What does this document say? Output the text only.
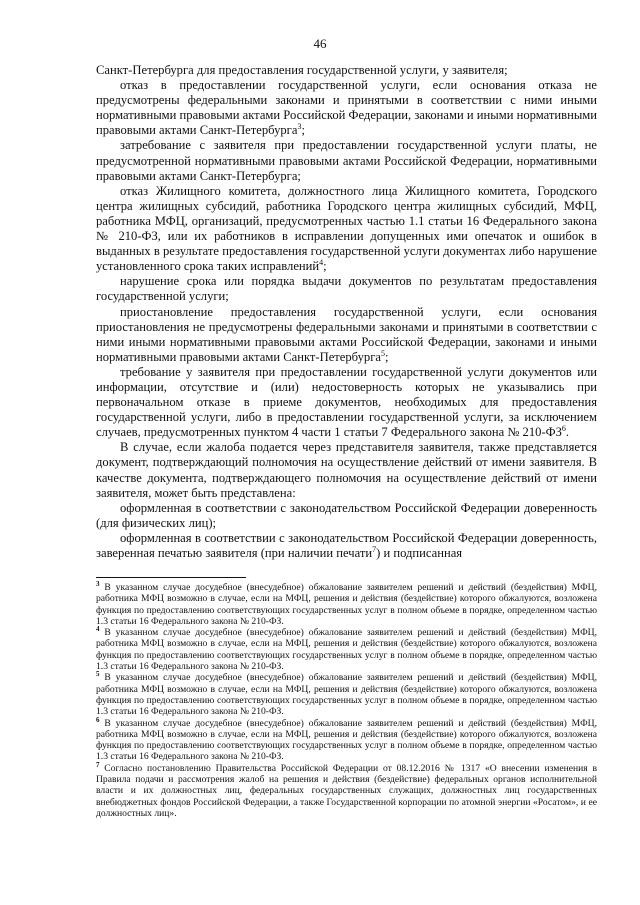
46

Санкт-Петербурга для предоставления государственной услуги, у заявителя;

отказ в предоставлении государственной услуги, если основания отказа не предусмотрены федеральными законами и принятыми в соответствии с ними иными нормативными правовыми актами Российской Федерации, законами и иными нормативными правовыми актами Санкт-Петербурга$^3$;

затребование с заявителя при предоставлении государственной услуги платы, не предусмотренной нормативными правовыми актами Российской Федерации, нормативными правовыми актами Санкт-Петербурга;

отказ Жилищного комитета, должностного лица Жилищного комитета, Городского центра жилищных субсидий, работника Городского центра жилищных субсидий, МФЦ, работника МФЦ, организаций, предусмотренных частью 1.1 статьи 16 Федерального закона № 210-ФЗ, или их работников в исправлении допущенных ими опечаток и ошибок в выданных в результате предоставления государственной услуги документах либо нарушение установленного срока таких исправлений$^4$;

нарушение срока или порядка выдачи документов по результатам предоставления государственной услуги;

приостановление предоставления государственной услуги, если основания приостановления не предусмотрены федеральными законами и принятыми в соответствии с ними иными нормативными правовыми актами Российской Федерации, законами и иными нормативными правовыми актами Санкт-Петербурга$^5$;

требование у заявителя при предоставлении государственной услуги документов или информации, отсутствие и (или) недостоверность которых не указывались при первоначальном отказе в приеме документов, необходимых для предоставления государственной услуги, либо в предоставлении государственной услуги, за исключением случаев, предусмотренных пунктом 4 части 1 статьи 7 Федерального закона № $210-ФЗ^6$.

В случае, если жалоба подается через представителя заявителя, также представляется документ, подтверждающий полномочия на осуществление действий от имени заявителя. В качестве документа, подтверждающего полномочия на осуществление действий от имени заявителя, может быть представлена:

оформленная в соответствии с законодательством Российской Федерации доверенность (для физических лиц);

оформленная в соответствии с законодательством Российской Федерации доверенность, заверенная печатью заявителя (при наличии печати$^7$) и подписанная

$^3$ В указанном случае досудебное (внесудебное) обжалование заявителем решений и действий (бездействия) МФЦ, работника МФЦ возможно в случае, если на МФЦ, решения и действия (бездействие) которого обжалуются, возложена функция по предоставлению соответствующих государственных услуг в полном объеме в порядке, определенном частью 1.3 статьи 16 Федерального закона № 210-ФЗ.

$^4$ В указанном случае досудебное (внесудебное) обжалование заявителем решений и действий (бездействия) МФЦ, работника МФЦ возможно в случае, если на МФЦ, решения и действия (бездействие) которого обжалуются, возложена функция по предоставлению соответствующих государственных услуг в полном объеме в порядке, определенном частью 1.3 статьи 16 Федерального закона № 210-ФЗ.

$^5$ В указанном случае досудебное (внесудебное) обжалование заявителем решений и действий (бездействия) МФЦ, работника МФЦ возможно в случае, если на МФЦ, решения и действия (бездействие) которого обжалуются, возложена функция по предоставлению соответствующих государственных услуг в полном объеме в порядке, определенном частью 1.3 статьи 16 Федерального закона № 210-ФЗ.

$^6$ В указанном случае досудебное (внесудебное) обжалование заявителем решений и действий (бездействия) МФЦ, работника МФЦ возможно в случае, если на МФЦ, решения и действия (бездействие) которого обжалуются, возложена функция по предоставлению соответствующих государственных услуг в полном объеме в порядке, определенном частью 1.3 статьи 16 Федерального закона № 210-ФЗ.

$^7$ Согласно постановлению Правительства Российской Федерации от 08.12.2016 № 1317 «О внесении изменения в Правила подачи и рассмотрения жалоб на решения и действия (бездействие) федеральных органов исполнительной власти и их должностных лиц, федеральных государственных служащих, должностных лиц государственных внебюджетных фондов Российской Федерации, а также Государственной корпорации по атомной энергии «Росатом», и ее должностных лиц».
